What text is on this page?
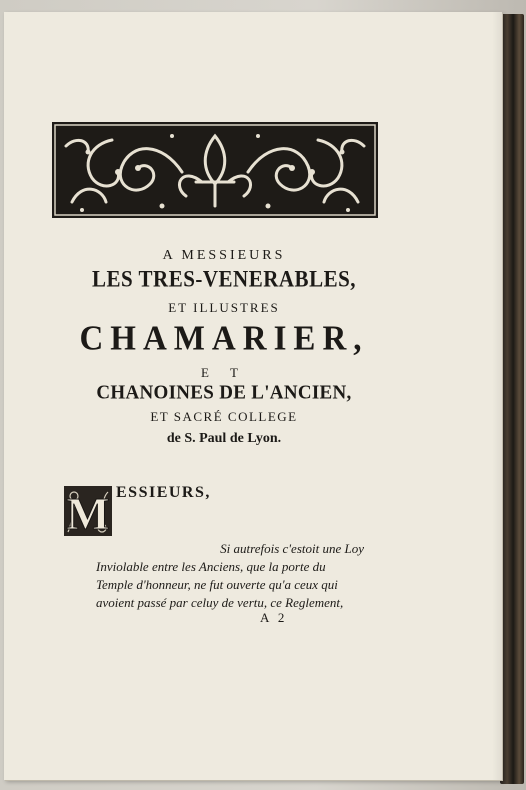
A MESSIEURS
LES TRES-VENERABLES,
ET ILLUSTRES
CHAMARIER,
E T
CHANOINES DE L'ANCIEN,
ET SACRÉ COLLEGE
de S. Paul de Lyon.
M ESSIEURS,
Si autrefois c'estoit une Loy
Inviolable entre les Anciens, que la porte du
Temple d'honneur, ne fut ouverte qu'a ceux qui
avoient passé par celuy de vertu, ce Reglement,
A 2
